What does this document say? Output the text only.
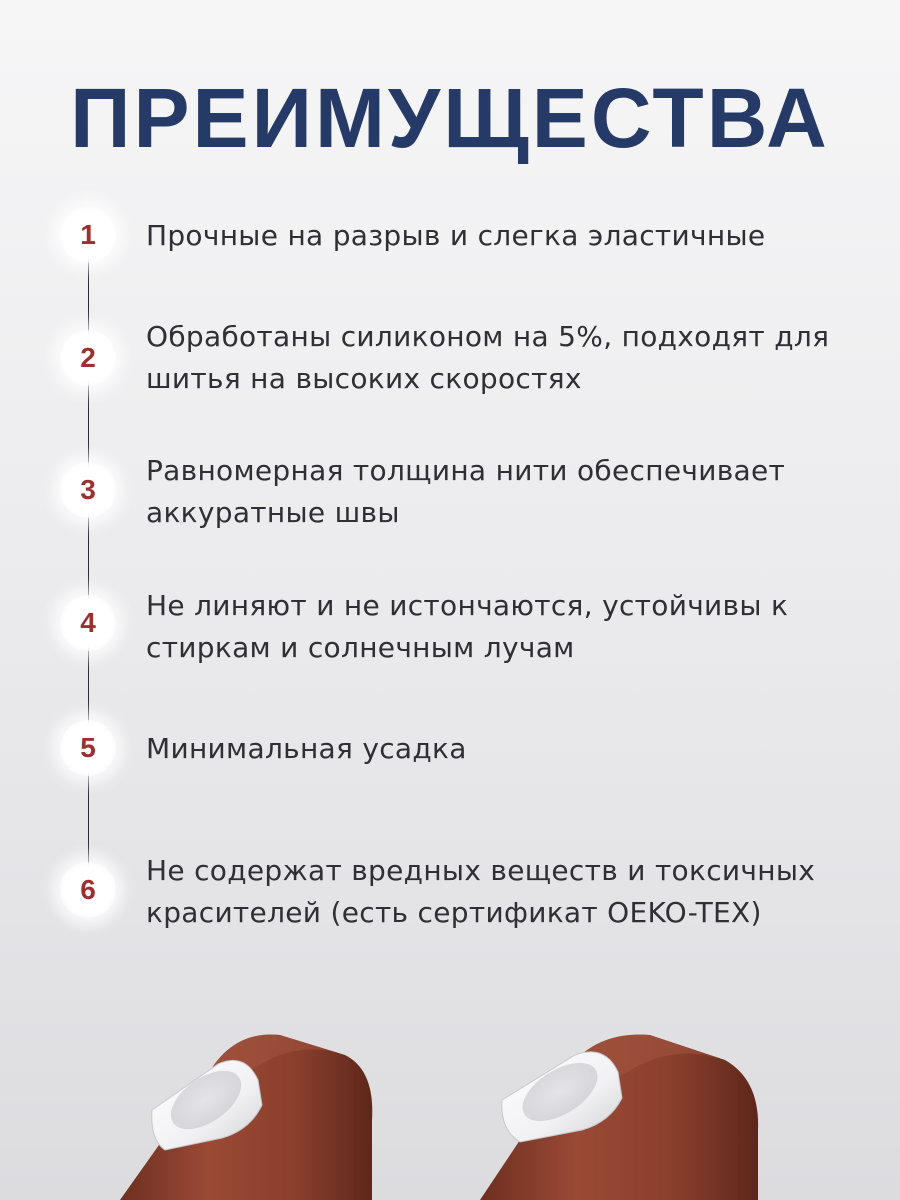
ПРЕИМУЩЕСТВА
1	Прочные на разрыв и слегка эластичные
2
Обработаны силиконом на 5%, подходят для шитья на высоких скоростях
3
Равномерная толщина нити обеспечивает аккуратные швы
4
Не линяют и не истончаются, устойчивы к стиркам и солнечным лучам
5	Минимальная усадка
6
Не содержат вредных веществ и токсичных красителей (есть сертификат OEKO-TEX)
